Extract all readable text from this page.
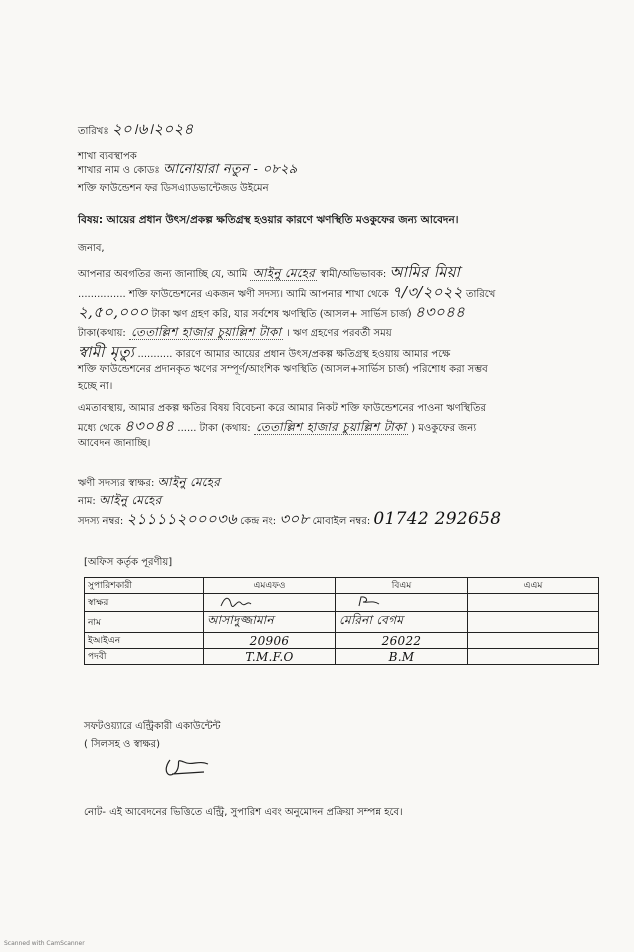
তারিখঃ ২০।৬।২০২৪
শাখা ব্যবস্থাপক
শাখার নাম ও কোডঃ আনোয়ারা নতুন - ০৮২৯
শক্তি ফাউন্ডেশন ফর ডিসএ্যাডভান্টেজড উইমেন
বিষয়: আয়ের প্রধান উৎস/প্রকল্প ক্ষতিগ্রস্থ হওয়ার কারণে ঋণস্থিতি মওকুফের জন্য আবেদন।
জনাব,
আপনার অবগতির জন্য জানাচ্ছি যে, আমি আইনু মেহের স্বামী/অভিভাবক: আমির মিয়া
............... শক্তি ফাউন্ডেশনের একজন ঋণী সদস্য। আমি আপনার শাখা থেকে ৭/৩/২০২২ তারিখে
২,৫০,০০০ টাকা ঋণ গ্রহণ করি, যার সর্বশেষ ঋণস্থিতি (আসল+ সার্ভিস চার্জ) ৪৩০৪৪
টাকা(কথায়: তেতাল্লিশ হাজার চুয়াল্লিশ টাকা । ঋণ গ্রহণের পরবর্তী সময়
স্বামী মৃত্যু ........... কারণে আমার আয়ের প্রধান উৎস/প্রকল্প ক্ষতিগ্রস্থ হওয়ায় আমার পক্ষে
শক্তি ফাউন্ডেশনের প্রদানকৃত ঋণের সম্পূর্ণ/আংশিক ঋণস্থিতি (আসল+সার্ভিস চার্জ) পরিশোধ করা সম্ভব
হচ্ছে না।
এমতাবস্থায়, আমার প্রকল্প ক্ষতির বিষয় বিবেচনা করে আমার নিকট শক্তি ফাউন্ডেশনের পাওনা ঋণস্থিতির
মধ্যে থেকে ৪৩০৪৪ ...... টাকা (কথায়: তেতাল্লিশ হাজার চুয়াল্লিশ টাকা ) মওকুফের জন্য
আবেদন জানাচ্ছি।
ঋণী সদস্যর স্বাক্ষর: আইনু মেহের
নাম: আইনু মেহের
সদস্য নম্বর: ২১১১১২০০০৩৬ কেন্দ্র নং: ৩০৮ মোবাইল নম্বর: 01742 292658
[অফিস কর্তৃক পূরণীয়]
সুপারিশকারী	এমএফও	বিএম	এএম
স্বাক্ষর			
নাম	আসাদুজ্জামান	মেরিনা বেগম	
ইআইএন	20906	26022	
পদবী	T.M.F.O	B.M	
সফটওয়্যারে এন্ট্রিকারী একাউন্টেন্ট
( সিলসহ ও স্বাক্ষর)
নোট- এই আবেদনের ভিত্তিতে এন্ট্রি, সুপারিশ এবং অনুমোদন প্রক্রিয়া সম্পন্ন হবে।
Scanned with CamScanner
